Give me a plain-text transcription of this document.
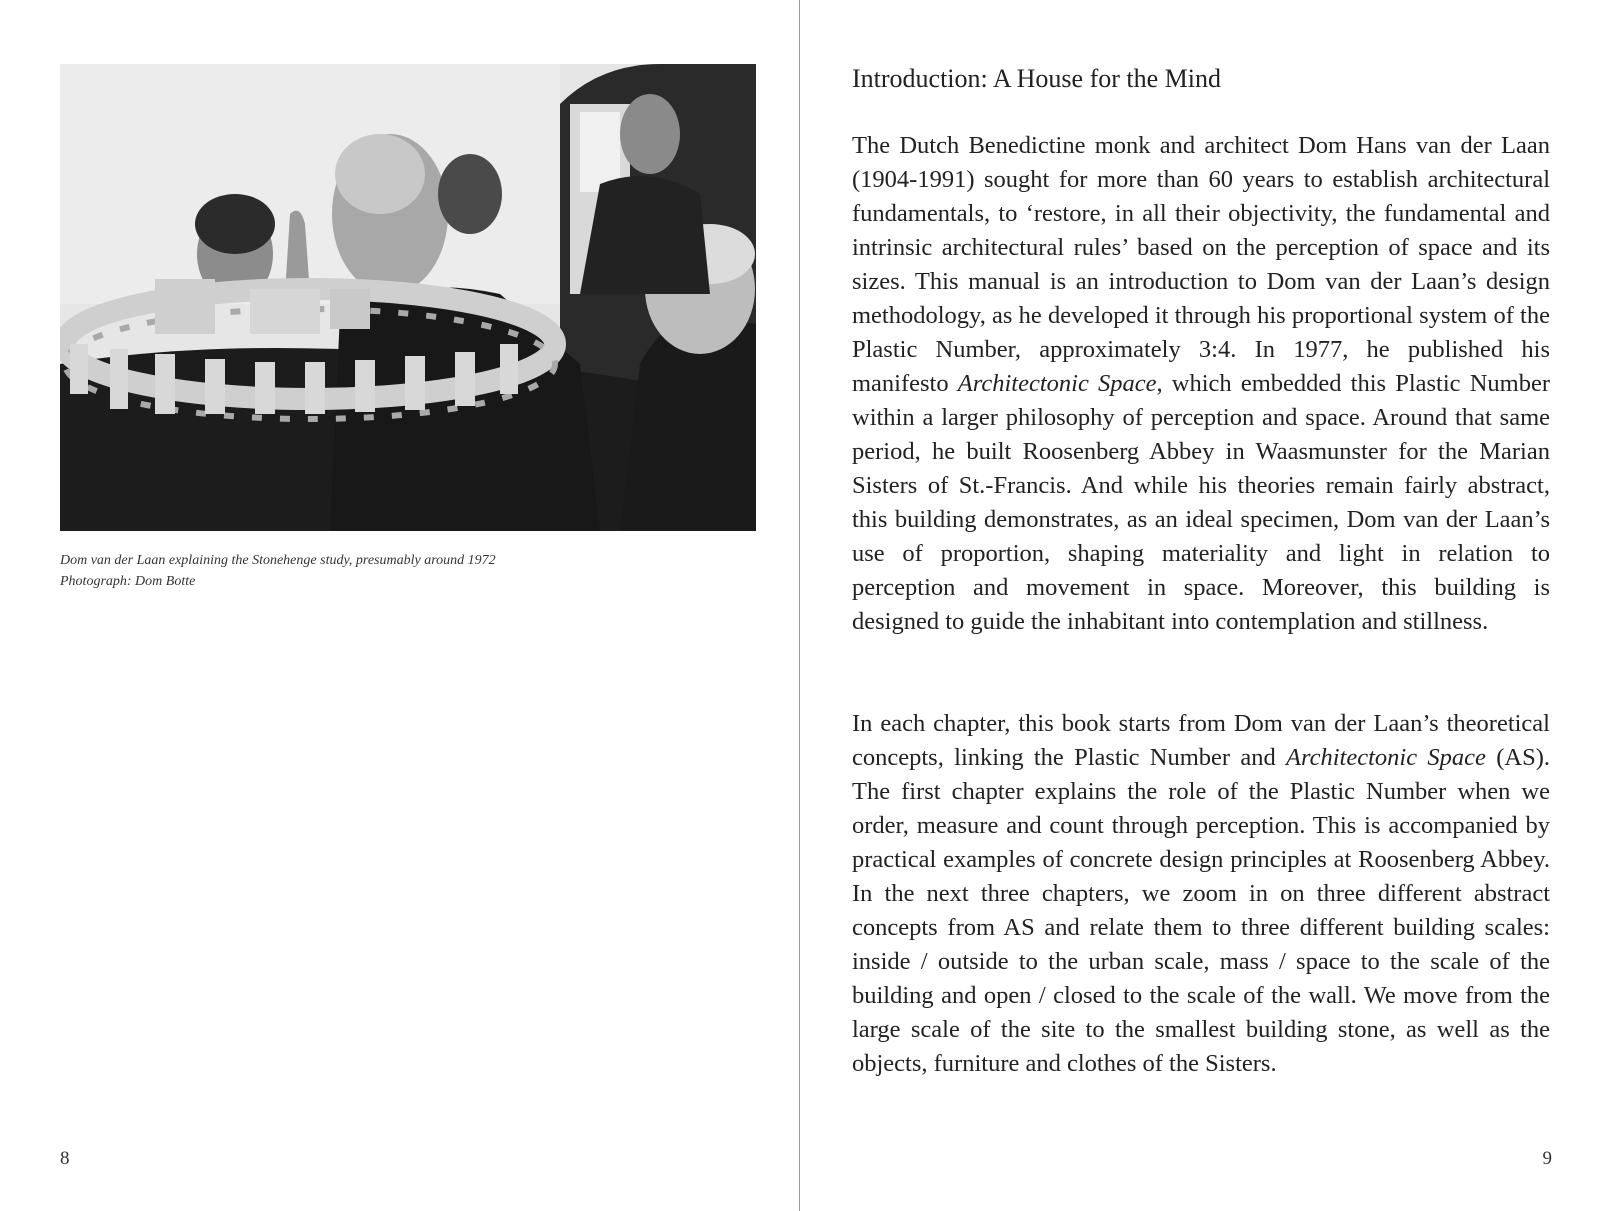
Dom van der Laan explaining the Stonehenge study, presumably around 1972
Photograph: Dom Botte
8
Introduction: A House for the Mind

The Dutch Benedictine monk and architect Dom Hans van der Laan (1904-1991) sought for more than 60 years to establish architectural fundamentals, to ‘restore, in all their objectivity, the fundamental and intrinsic architectural rules’ based on the perception of space and its sizes. This manual is an introduction to Dom van der Laan’s design methodology, as he developed it through his proportional system of the Plastic Number, approximately 3:4. In 1977, he published his manifesto Architectonic Space, which embedded this Plastic Number within a larger philosophy of perception and space. Around that same period, he built Roosenberg Abbey in Waasmunster for the Marian Sisters of St.-Francis. And while his theories remain fairly abstract, this building demonstrates, as an ideal specimen, Dom van der Laan’s use of proportion, shaping materiality and light in relation to perception and movement in space. Moreover, this building is designed to guide the inhabitant into contemplation and stillness.

In each chapter, this book starts from Dom van der Laan’s theoretical concepts, linking the Plastic Number and Architectonic Space (AS). The first chapter explains the role of the Plastic Number when we order, measure and count through perception. This is accompanied by practical examples of concrete design principles at Roosenberg Abbey. In the next three chapters, we zoom in on three different abstract concepts from AS and relate them to three different building scales: inside / outside to the urban scale, mass / space to the scale of the building and open / closed to the scale of the wall. We move from the large scale of the site to the smallest building stone, as well as the objects, furniture and clothes of the Sisters.

9
